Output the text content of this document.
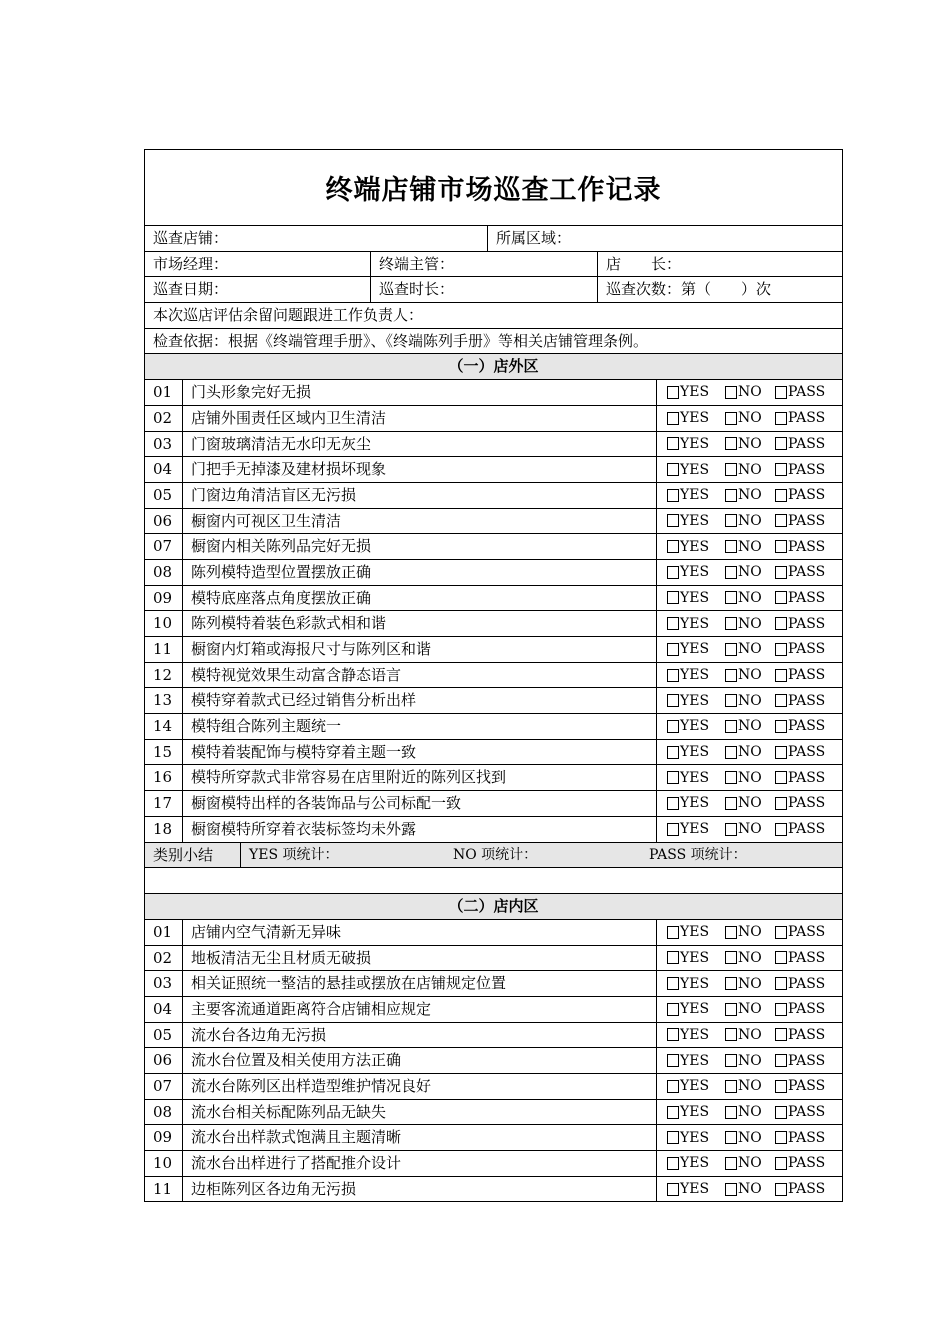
终端店铺市场巡查工作记录
巡查店铺：	所属区域：
市场经理：	终端主管：	店　　长：
巡查日期：	巡查时长：	巡查次数：第（　　）次
本次巡店评估余留问题跟进工作负责人：
检查依据：根据《终端管理手册》、《终端陈列手册》等相关店铺管理条例。
（一）店外区
01	门头形象完好无损	YES NO PASS
02	店铺外围责任区域内卫生清洁	YES NO PASS
03	门窗玻璃清洁无水印无灰尘	YES NO PASS
04	门把手无掉漆及建材损坏现象	YES NO PASS
05	门窗边角清洁盲区无污损	YES NO PASS
06	橱窗内可视区卫生清洁	YES NO PASS
07	橱窗内相关陈列品完好无损	YES NO PASS
08	陈列模特造型位置摆放正确	YES NO PASS
09	模特底座落点角度摆放正确	YES NO PASS
10	陈列模特着装色彩款式相和谐	YES NO PASS
11	橱窗内灯箱或海报尺寸与陈列区和谐	YES NO PASS
12	模特视觉效果生动富含静态语言	YES NO PASS
13	模特穿着款式已经过销售分析出样	YES NO PASS
14	模特组合陈列主题统一	YES NO PASS
15	模特着装配饰与模特穿着主题一致	YES NO PASS
16	模特所穿款式非常容易在店里附近的陈列区找到	YES NO PASS
17	橱窗模特出样的各装饰品与公司标配一致	YES NO PASS
18	橱窗模特所穿着衣装标签均未外露	YES NO PASS
类别小结	YES 项统计：	NO 项统计：	PASS 项统计：
（二）店内区
01	店铺内空气清新无异味	YES NO PASS
02	地板清洁无尘且材质无破损	YES NO PASS
03	相关证照统一整洁的悬挂或摆放在店铺规定位置	YES NO PASS
04	主要客流通道距离符合店铺相应规定	YES NO PASS
05	流水台各边角无污损	YES NO PASS
06	流水台位置及相关使用方法正确	YES NO PASS
07	流水台陈列区出样造型维护情况良好	YES NO PASS
08	流水台相关标配陈列品无缺失	YES NO PASS
09	流水台出样款式饱满且主题清晰	YES NO PASS
10	流水台出样进行了搭配推介设计	YES NO PASS
11	边柜陈列区各边角无污损	YES NO PASS
